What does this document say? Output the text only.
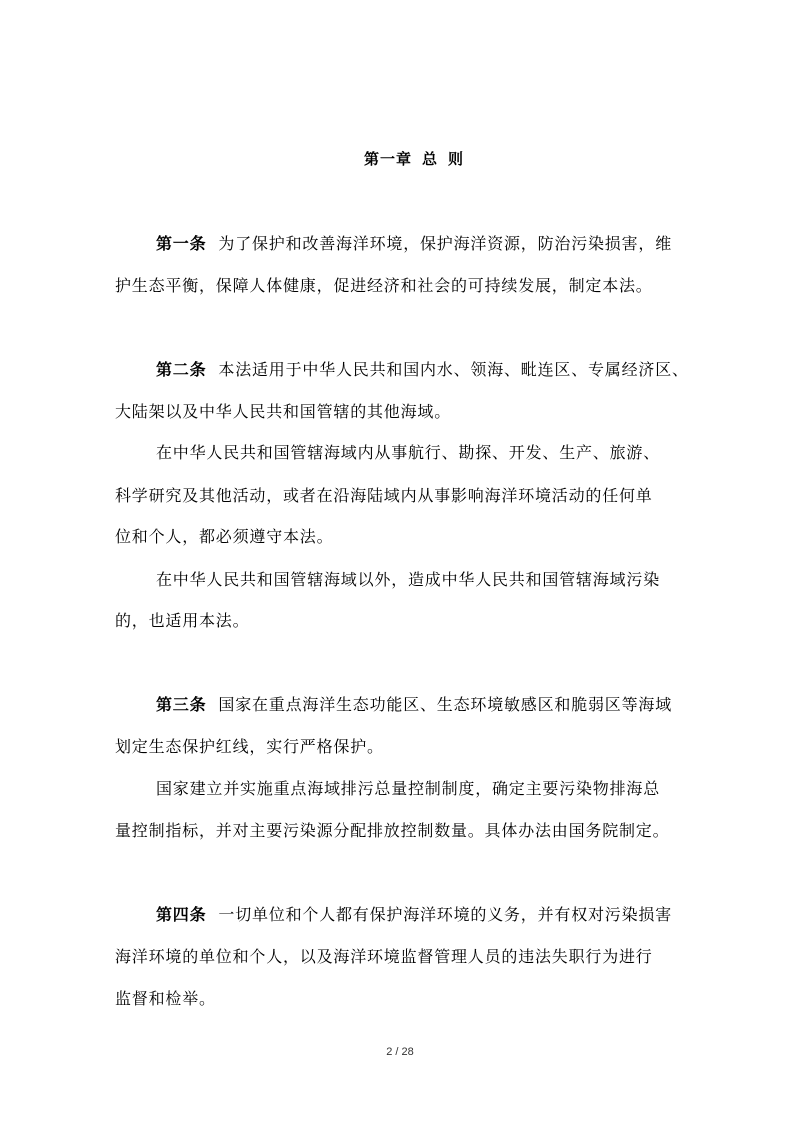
第一章 总 则
第一条 为了保护和改善海洋环境，保护海洋资源，防治污染损害，维
护生态平衡，保障人体健康，促进经济和社会的可持续发展，制定本法。
第二条 本法适用于中华人民共和国内水、领海、毗连区、专属经济区、
大陆架以及中华人民共和国管辖的其他海域。
在中华人民共和国管辖海域内从事航行、勘探、开发、生产、旅游、
科学研究及其他活动，或者在沿海陆域内从事影响海洋环境活动的任何单
位和个人，都必须遵守本法。
在中华人民共和国管辖海域以外，造成中华人民共和国管辖海域污染
的，也适用本法。
第三条 国家在重点海洋生态功能区、生态环境敏感区和脆弱区等海域
划定生态保护红线，实行严格保护。
国家建立并实施重点海域排污总量控制制度，确定主要污染物排海总
量控制指标，并对主要污染源分配排放控制数量。具体办法由国务院制定。
第四条 一切单位和个人都有保护海洋环境的义务，并有权对污染损害
海洋环境的单位和个人，以及海洋环境监督管理人员的违法失职行为进行
监督和检举。
2 / 28
